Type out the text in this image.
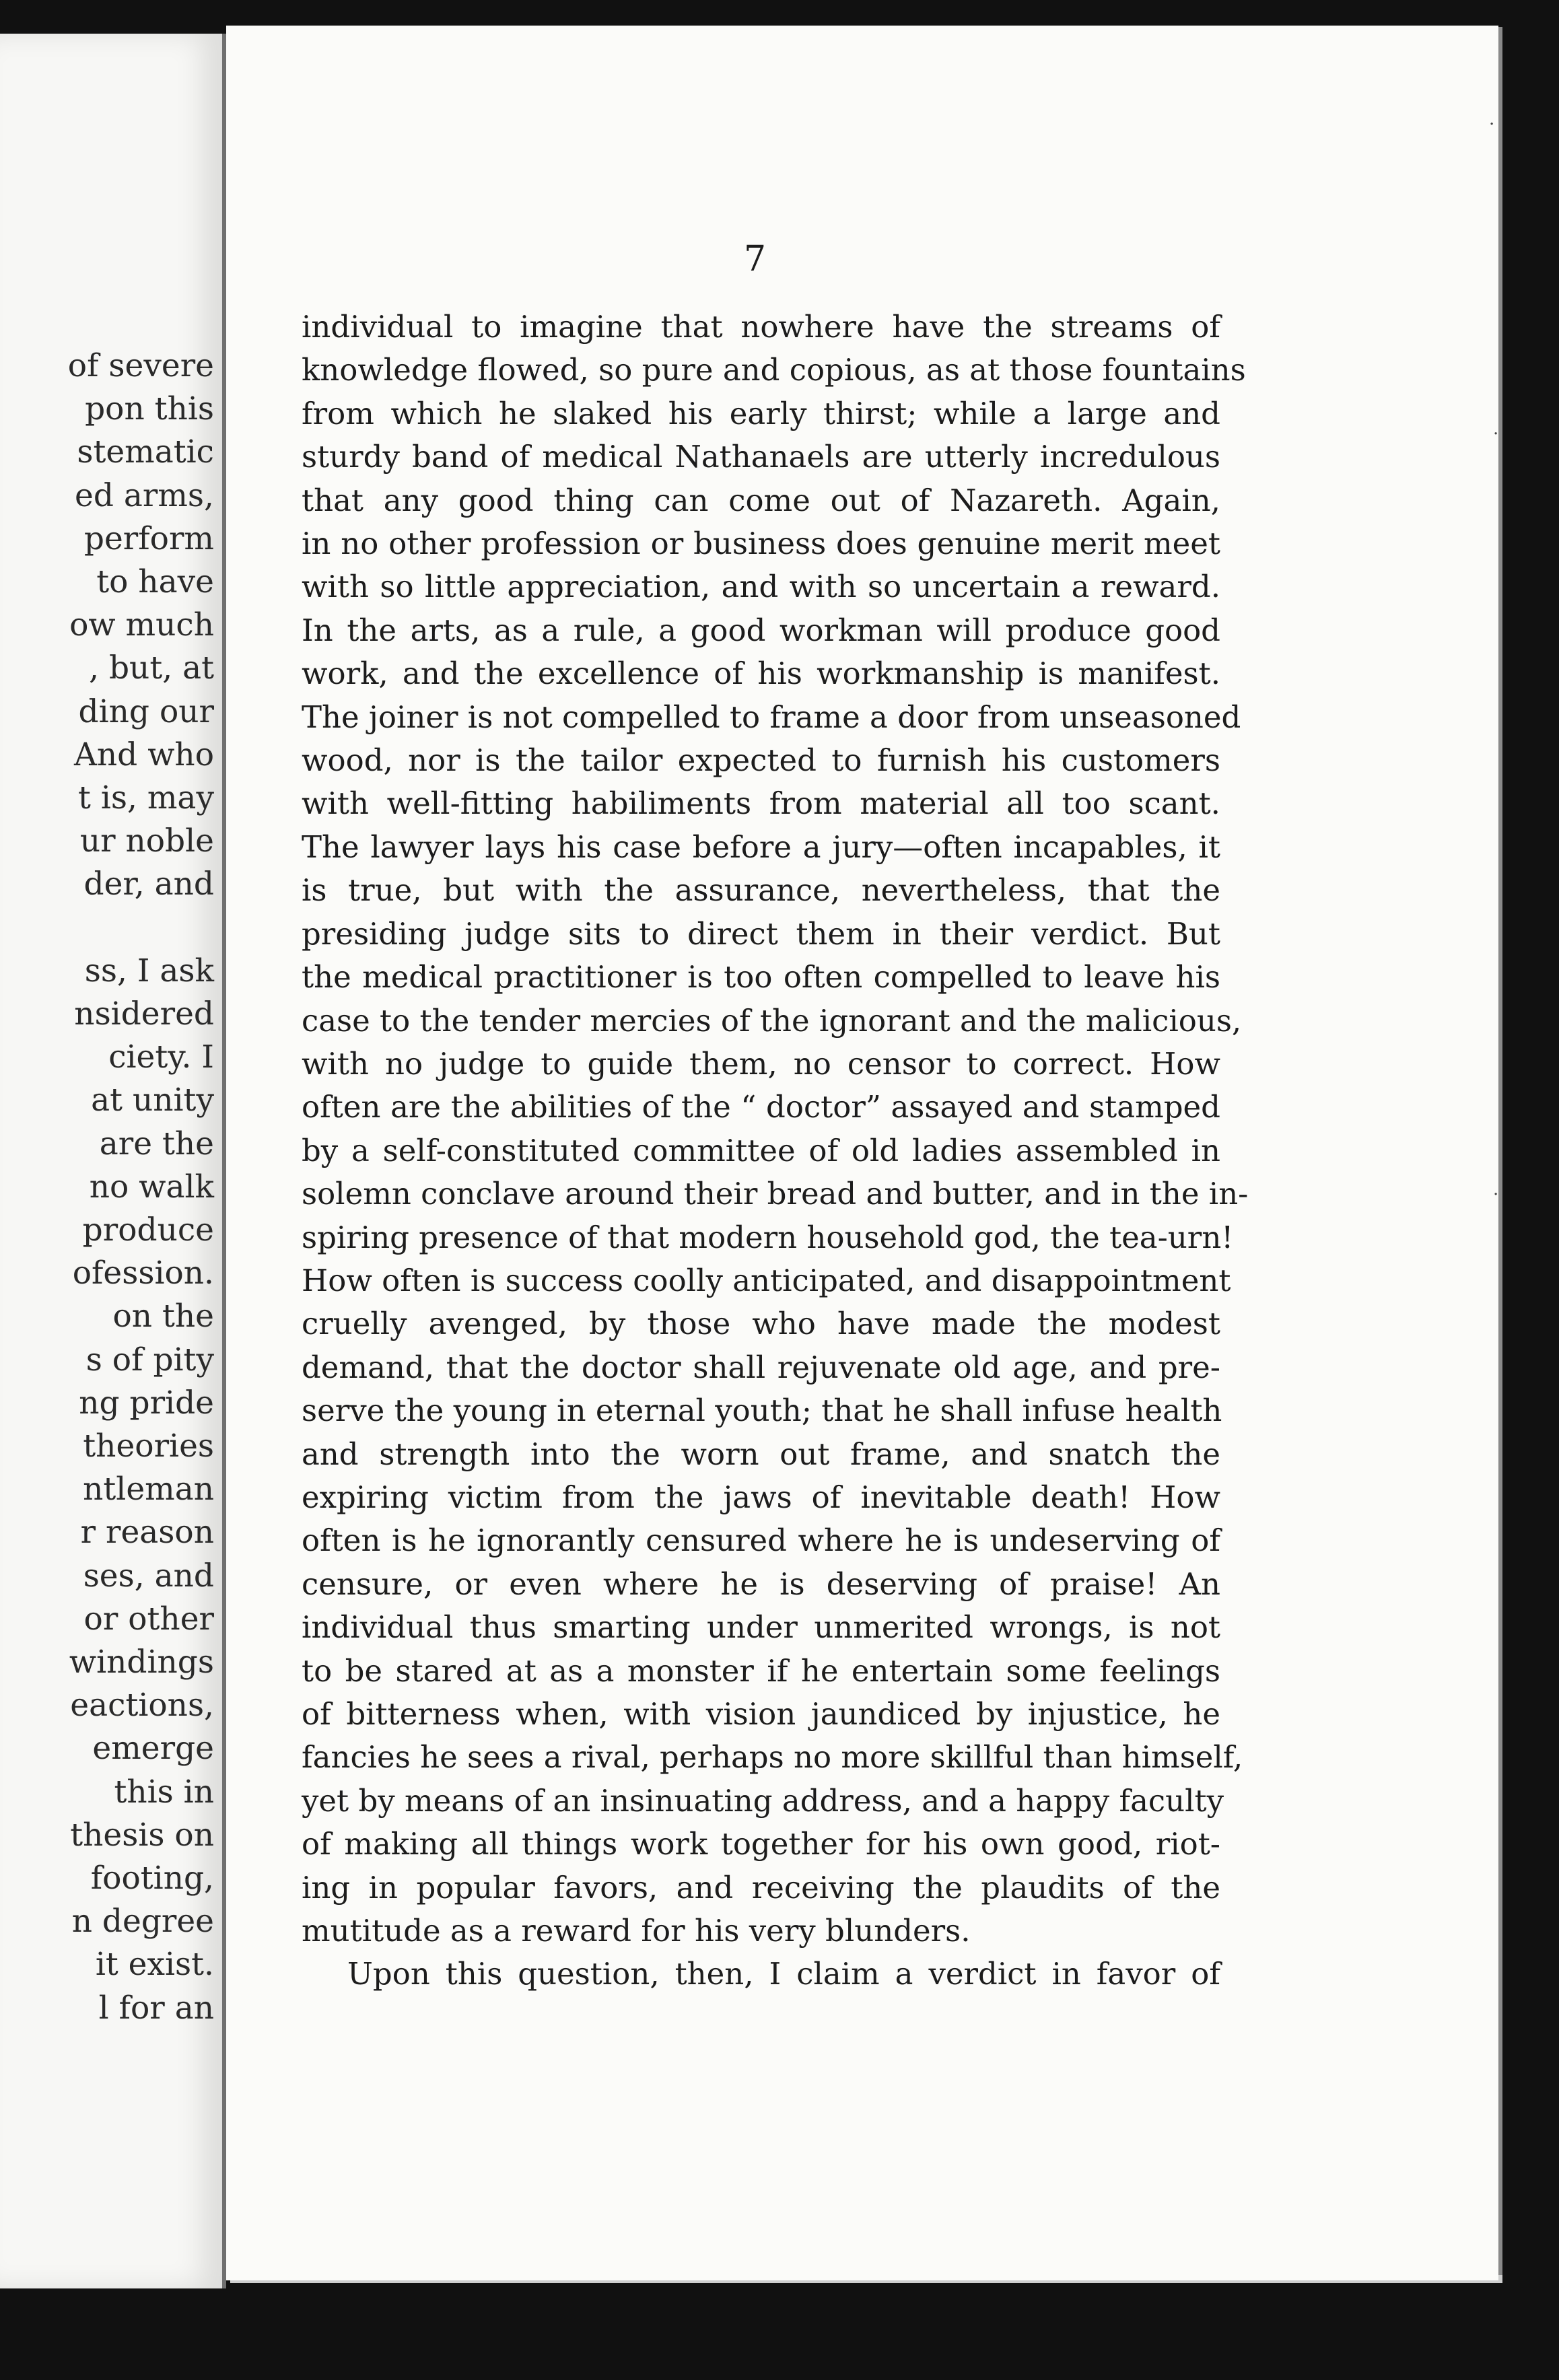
of severe
pon this
stematic
ed arms,
perform
to have
ow much
, but, at
ding our
And who
t is, may
ur noble
der, and
ss, I ask
nsidered
ciety. I
at unity
are the
no walk
produce
ofession.
on the
s of pity
ng pride
theories
ntleman
r reason
ses, and
or other
windings
eactions,
emerge
this in
thesis on
footing,
n degree
it exist.
l for an
7
individual to imagine that nowhere have the streams of
knowledge flowed, so pure and copious, as at those fountains
from which he slaked his early thirst; while a large and
sturdy band of medical Nathanaels are utterly incredulous
that any good thing can come out of Nazareth. Again,
in no other profession or business does genuine merit meet
with so little appreciation, and with so uncertain a reward.
In the arts, as a rule, a good workman will produce good
work, and the excellence of his workmanship is manifest.
The joiner is not compelled to frame a door from unseasoned
wood, nor is the tailor expected to furnish his customers
with well-fitting habiliments from material all too scant.
The lawyer lays his case before a jury—often incapables, it
is true, but with the assurance, nevertheless, that the
presiding judge sits to direct them in their verdict. But
the medical practitioner is too often compelled to leave his
case to the tender mercies of the ignorant and the malicious,
with no judge to guide them, no censor to correct. How
often are the abilities of the “ doctor” assayed and stamped
by a self-constituted committee of old ladies assembled in
solemn conclave around their bread and butter, and in the in-
spiring presence of that modern household god, the tea-urn!
How often is success coolly anticipated, and disappointment
cruelly avenged, by those who have made the modest
demand, that the doctor shall rejuvenate old age, and pre-
serve the young in eternal youth; that he shall infuse health
and strength into the worn out frame, and snatch the
expiring victim from the jaws of inevitable death! How
often is he ignorantly censured where he is undeserving of
censure, or even where he is deserving of praise! An
individual thus smarting under unmerited wrongs, is not
to be stared at as a monster if he entertain some feelings
of bitterness when, with vision jaundiced by injustice, he
fancies he sees a rival, perhaps no more skillful than himself,
yet by means of an insinuating address, and a happy faculty
of making all things work together for his own good, riot-
ing in popular favors, and receiving the plaudits of the
mutitude as a reward for his very blunders.
Upon this question, then, I claim a verdict in favor of
·
·
·
